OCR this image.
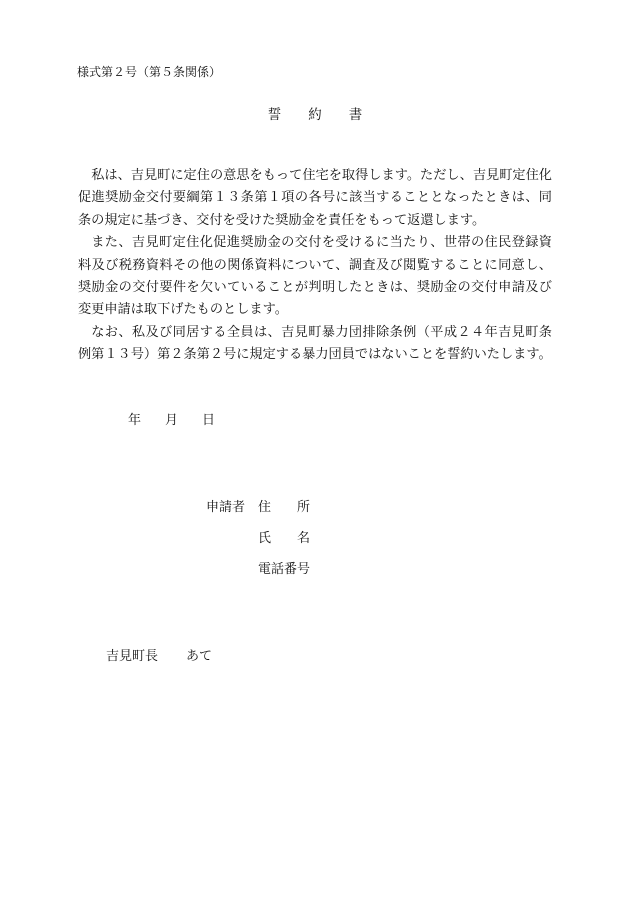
様式第２号（第５条関係）
誓　　約　　書

私は、吉見町に定住の意思をもって住宅を取得します。ただし、吉見町定住化促進奨励金交付要綱第１３条第１項の各号に該当することとなったときは、同条の規定に基づき、交付を受けた奨励金を責任をもって返還します。

また、吉見町定住化促進奨励金の交付を受けるに当たり、世帯の住民登録資料及び税務資料その他の関係資料について、調査及び閲覧することに同意し、奨励金の交付要件を欠いていることが判明したときは、奨励金の交付申請及び変更申請は取下げたものとします。

なお、私及び同居する全員は、吉見町暴力団排除条例（平成２４年吉見町条例第１３号）第２条第２号に規定する暴力団員ではないことを誓約いたします。

年 月 日
申請者 住　　所
氏　　名
電話番号
吉見町長 あて
